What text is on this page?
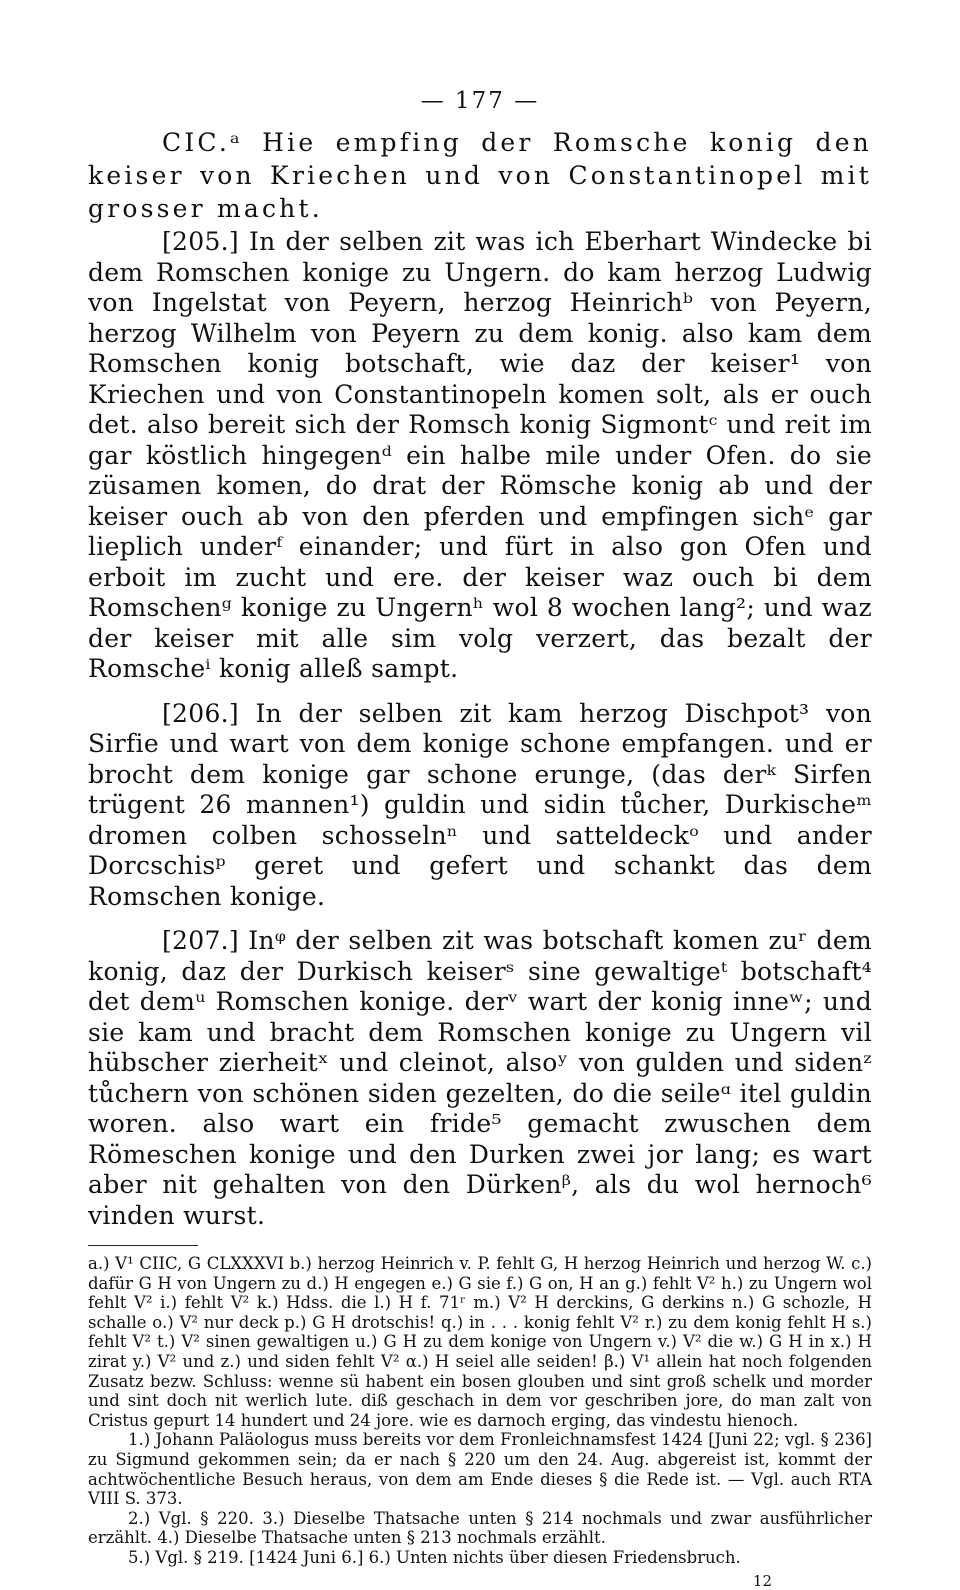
— 177 —

CIC.ᵃ Hie empfing der Romsche konig den keiser von Kriechen und von Constantinopel mit grosser macht.

[205.] In der selben zit was ich Eberhart Windecke bi dem Romschen konige zu Ungern. do kam herzog Ludwig von Ingelstat von Peyern, herzog Heinrichᵇ von Peyern, herzog Wilhelm von Peyern zu dem konig. also kam dem Romschen konig botschaft, wie daz der keiser¹ von Kriechen und von Constantinopeln komen solt, als er ouch det. also bereit sich der Romsch konig Sigmontᶜ und reit im gar köstlich hingegenᵈ ein halbe mile under Ofen. do sie züsamen komen, do drat der Römsche konig ab und der keiser ouch ab von den pferden und empfingen sichᵉ gar lieplich underᶠ einander; und fürt in also gon Ofen und erboit im zucht und ere. der keiser waz ouch bi dem Romschenᵍ konige zu Ungernʰ wol 8 wochen lang²; und waz der keiser mit alle sim volg verzert, das bezalt der Romscheⁱ konig alleß sampt.

[206.] In der selben zit kam herzog Dischpot³ von Sirfie und wart von dem konige schone empfangen. und er brocht dem konige gar schone erunge, (das derᵏ Sirfen trügent 26 mannen¹) guldin und sidin tůcher, Durkischeᵐ dromen colben schosselnⁿ und satteldeckᵒ und ander Dorcschisᵖ geret und gefert und schankt das dem Romschen konige.

[207.] Inᵠ der selben zit was botschaft komen zuʳ dem konig, daz der Durkisch keiserˢ sine gewaltigeᵗ botschaft⁴ det demᵘ Romschen konige. derᵛ wart der konig inneʷ; und sie kam und bracht dem Romschen konige zu Ungern vil hübscher zierheitˣ und cleinot, alsoʸ von gulden und sidenᶻ tůchern von schönen siden gezelten, do die seileᵅ itel guldin woren. also wart ein fride⁵ gemacht zwuschen dem Römeschen konige und den Durken zwei jor lang; es wart aber nit gehalten von den Dürkenᵝ, als du wol hernoch⁶ vinden wurst.

a.) V¹ CIIC, G CLXXXVI b.) herzog Heinrich v. P. fehlt G, H herzog Heinrich und herzog W. c.) dafür G H von Ungern zu d.) H engegen e.) G sie f.) G on, H an g.) fehlt V² h.) zu Ungern wol fehlt V² i.) fehlt V² k.) Hdss. die l.) H f. 71ʳ m.) V² H derckins, G derkins n.) G schozle, H schalle o.) V² nur deck p.) G H drotschis! q.) in . . . konig fehlt V² r.) zu dem konig fehlt H s.) fehlt V² t.) V² sinen gewaltigen u.) G H zu dem konige von Ungern v.) V² die w.) G H in x.) H zirat y.) V² und z.) und siden fehlt V² α.) H seiel alle seiden! β.) V¹ allein hat noch folgenden Zusatz bezw. Schluss: wenne sü habent ein bosen glouben und sint groß schelk und morder und sint doch nit werlich lute. diß geschach in dem vor geschriben jore, do man zalt von Cristus gepurt 14 hundert und 24 jore. wie es darnoch erging, das vindestu hienoch.

1.) Johann Paläologus muss bereits vor dem Fronleichnamsfest 1424 [Juni 22; vgl. § 236] zu Sigmund gekommen sein; da er nach § 220 um den 24. Aug. abgereist ist, kommt der achtwöchentliche Besuch heraus, von dem am Ende dieses § die Rede ist. — Vgl. auch RTA VIII S. 373.

2.) Vgl. § 220. 3.) Dieselbe Thatsache unten § 214 nochmals und zwar ausführlicher erzählt. 4.) Dieselbe Thatsache unten § 213 nochmals erzählt.

5.) Vgl. § 219. [1424 Juni 6.] 6.) Unten nichts über diesen Friedensbruch.

12
